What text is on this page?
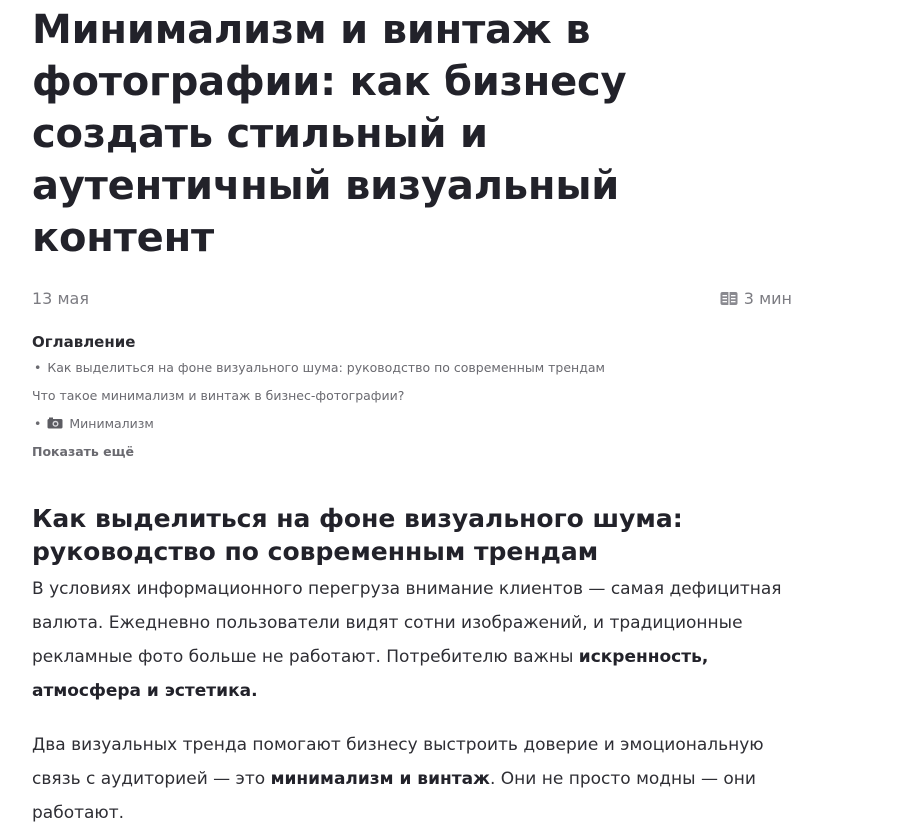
Минимализм и винтаж в фотографии: как бизнесу создать стильный и аутентичный визуальный контент
13 мая	3 мин
Оглавление
• Как выделиться на фоне визуального шума: руководство по современным трендам
Что такое минимализм и винтаж в бизнес-фотографии?
• Минимализм
Показать ещё
Как выделиться на фоне визуального шума: руководство по современным трендам

В условиях информационного перегруза внимание клиентов — самая дефицитная валюта. Ежедневно пользователи видят сотни изображений, и традиционные рекламные фото больше не работают. Потребителю важны искренность, атмосфера и эстетика.

Два визуальных тренда помогают бизнесу выстроить доверие и эмоциональную связь с аудиторией — это минимализм и винтаж. Они не просто модны — они работают.
